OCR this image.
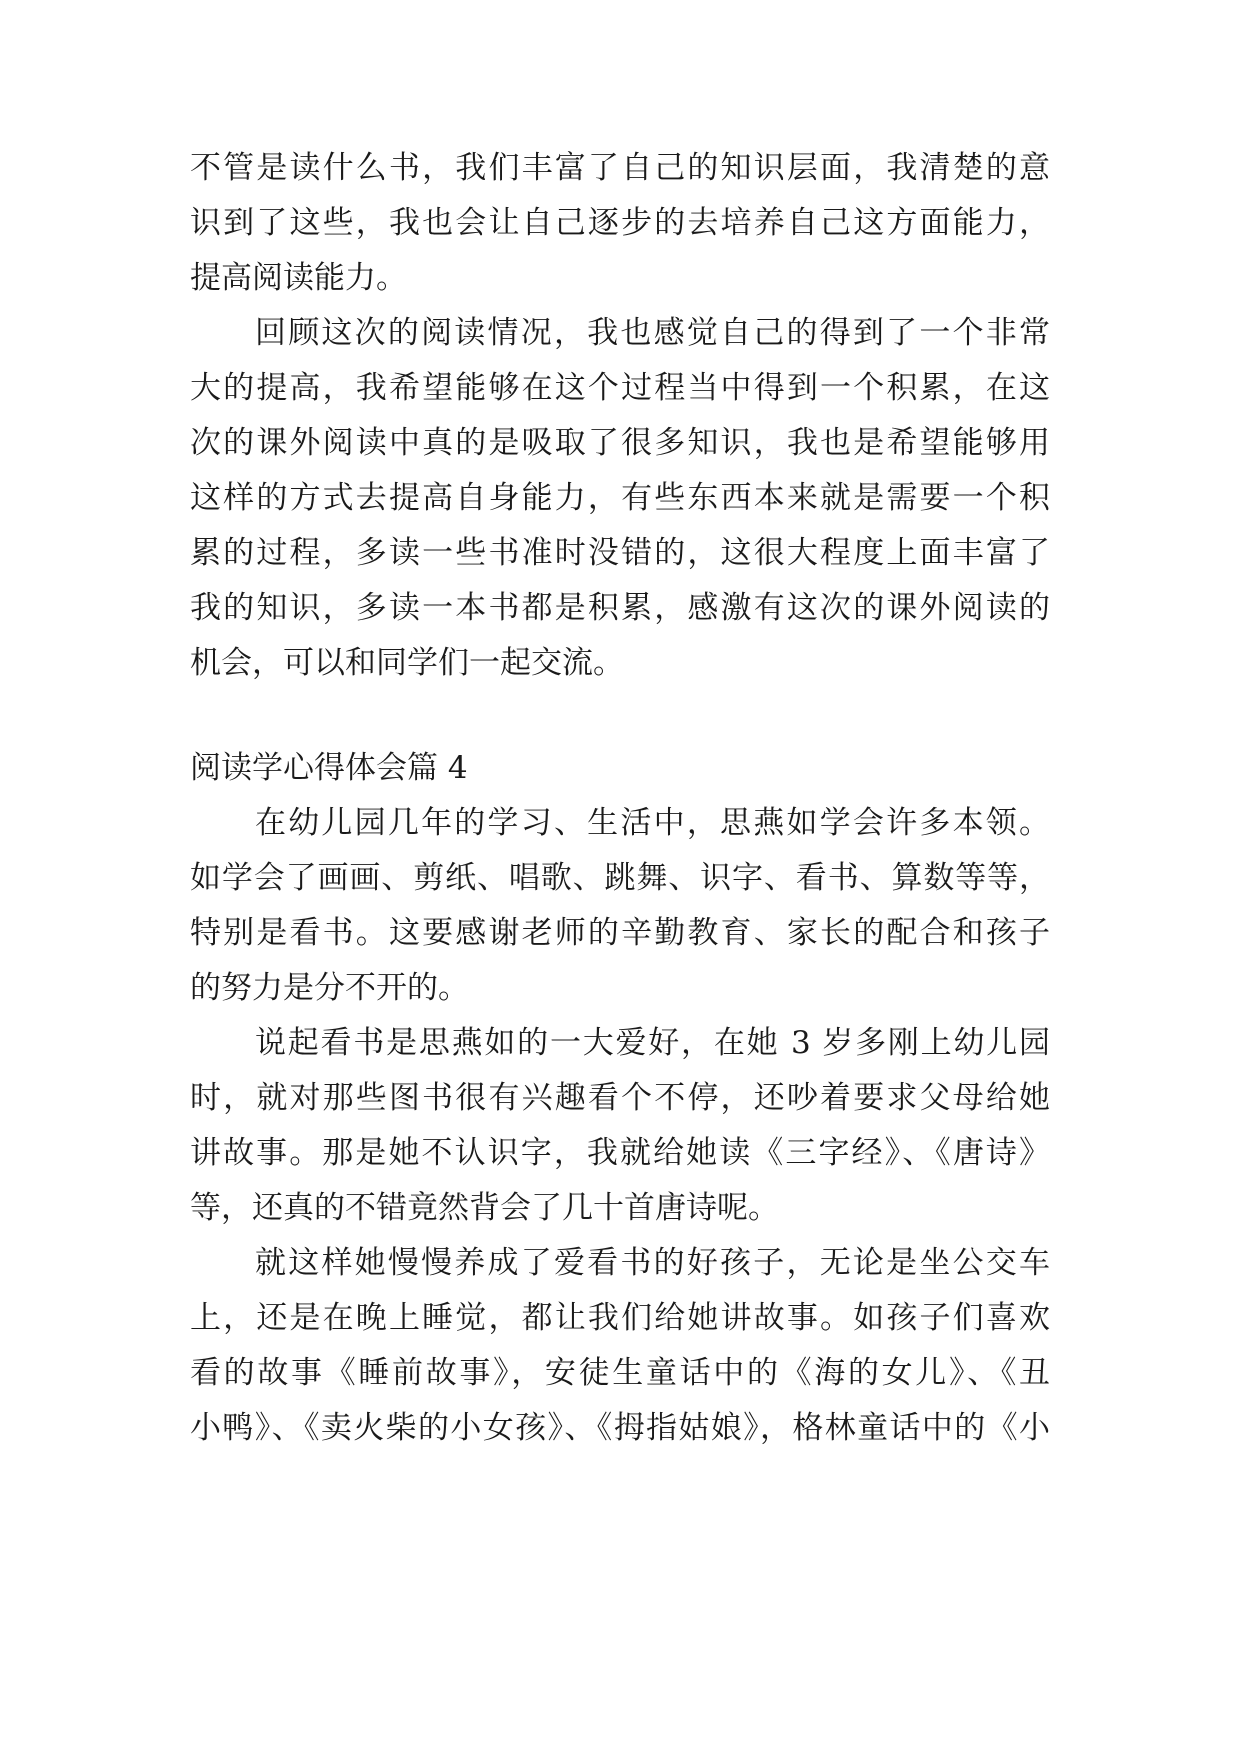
不管是读什么书，我们丰富了自己的知识层面，我清楚的意
识到了这些，我也会让自己逐步的去培养自己这方面能力，
提高阅读能力。
回顾这次的阅读情况，我也感觉自己的得到了一个非常
大的提高，我希望能够在这个过程当中得到一个积累，在这
次的课外阅读中真的是吸取了很多知识，我也是希望能够用
这样的方式去提高自身能力，有些东西本来就是需要一个积
累的过程，多读一些书准时没错的，这很大程度上面丰富了
我的知识，多读一本书都是积累，感激有这次的课外阅读的
机会，可以和同学们一起交流。
阅读学心得体会篇 4
在幼儿园几年的学习、生活中，思燕如学会许多本领。
如学会了画画、剪纸、唱歌、跳舞、识字、看书、算数等等，
特别是看书。这要感谢老师的辛勤教育、家长的配合和孩子
的努力是分不开的。
说起看书是思燕如的一大爱好，在她 3 岁多刚上幼儿园
时，就对那些图书很有兴趣看个不停，还吵着要求父母给她
讲故事。那是她不认识字，我就给她读《三字经》、《唐诗》
等，还真的不错竟然背会了几十首唐诗呢。
就这样她慢慢养成了爱看书的好孩子，无论是坐公交车
上，还是在晚上睡觉，都让我们给她讲故事。如孩子们喜欢
看的故事《睡前故事》，安徒生童话中的《海的女儿》、《丑
小鸭》、《卖火柴的小女孩》、《拇指姑娘》，格林童话中的《小
